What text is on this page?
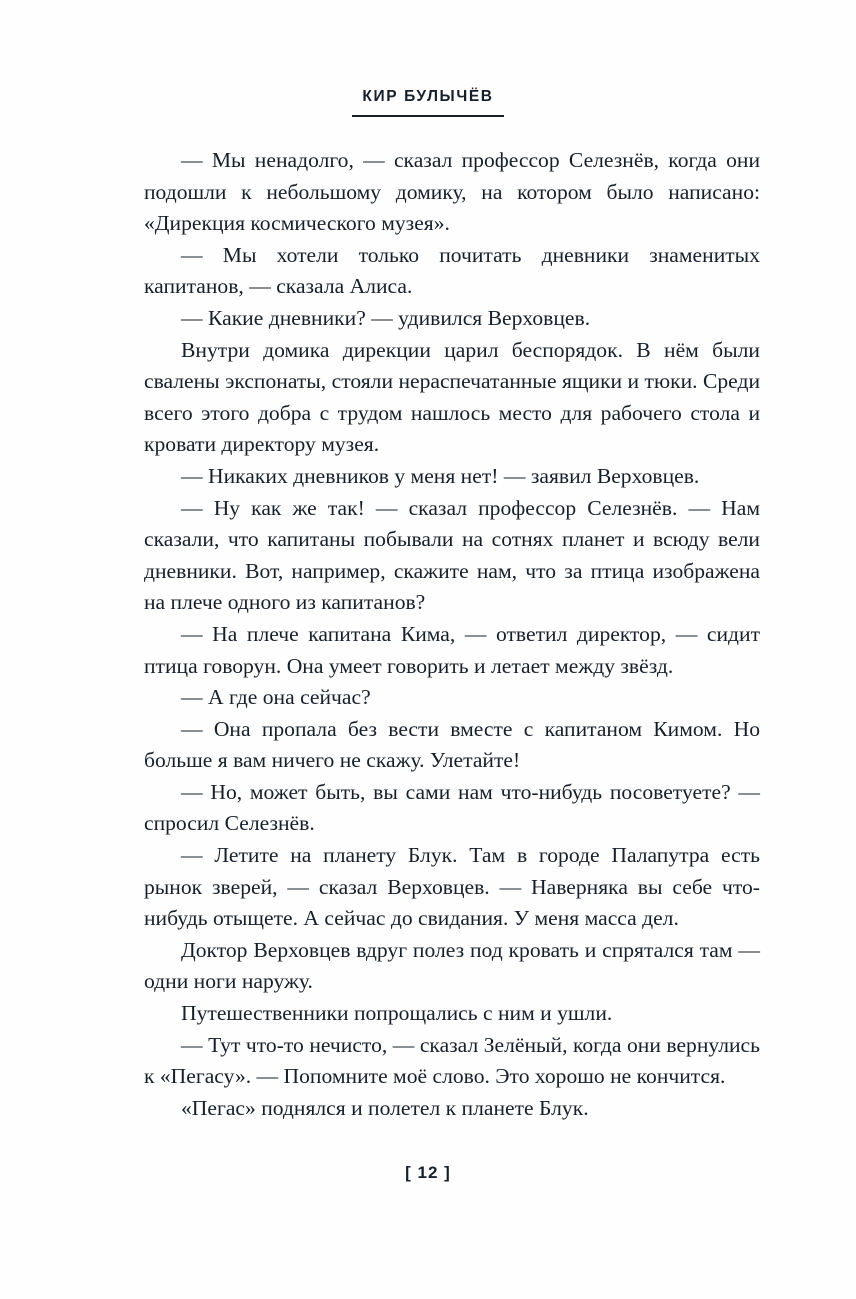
КИР БУЛЫЧЁВ

— Мы ненадолго, — сказал профессор Селезнёв, когда они подошли к небольшому домику, на котором было написано: «Дирекция космического музея».

— Мы хотели только почитать дневники знаменитых капитанов, — сказала Алиса.

— Какие дневники? — удивился Верховцев.

Внутри домика дирекции царил беспорядок. В нём были свалены экспонаты, стояли нераспечатанные ящики и тюки. Среди всего этого добра с трудом нашлось место для рабочего стола и кровати директору музея.

— Никаких дневников у меня нет! — заявил Верховцев.

— Ну как же так! — сказал профессор Селезнёв. — Нам сказали, что капитаны побывали на сотнях планет и всюду вели дневники. Вот, например, скажите нам, что за птица изображена на плече одного из капитанов?

— На плече капитана Кима, — ответил директор, — сидит птица говорун. Она умеет говорить и летает между звёзд.

— А где она сейчас?

— Она пропала без вести вместе с капитаном Кимом. Но больше я вам ничего не скажу. Улетайте!

— Но, может быть, вы сами нам что-нибудь посоветуете? — спросил Селезнёв.

— Летите на планету Блук. Там в городе Палапутра есть рынок зверей, — сказал Верховцев. — Наверняка вы себе что-нибудь отыщете. А сейчас до свидания. У меня масса дел.

Доктор Верховцев вдруг полез под кровать и спрятался там — одни ноги наружу.

Путешественники попрощались с ним и ушли.

— Тут что-то нечисто, — сказал Зелёный, когда они вернулись к «Пегасу». — Попомните моё слово. Это хорошо не кончится.

«Пегас» поднялся и полетел к планете Блук.

[ 12 ]
